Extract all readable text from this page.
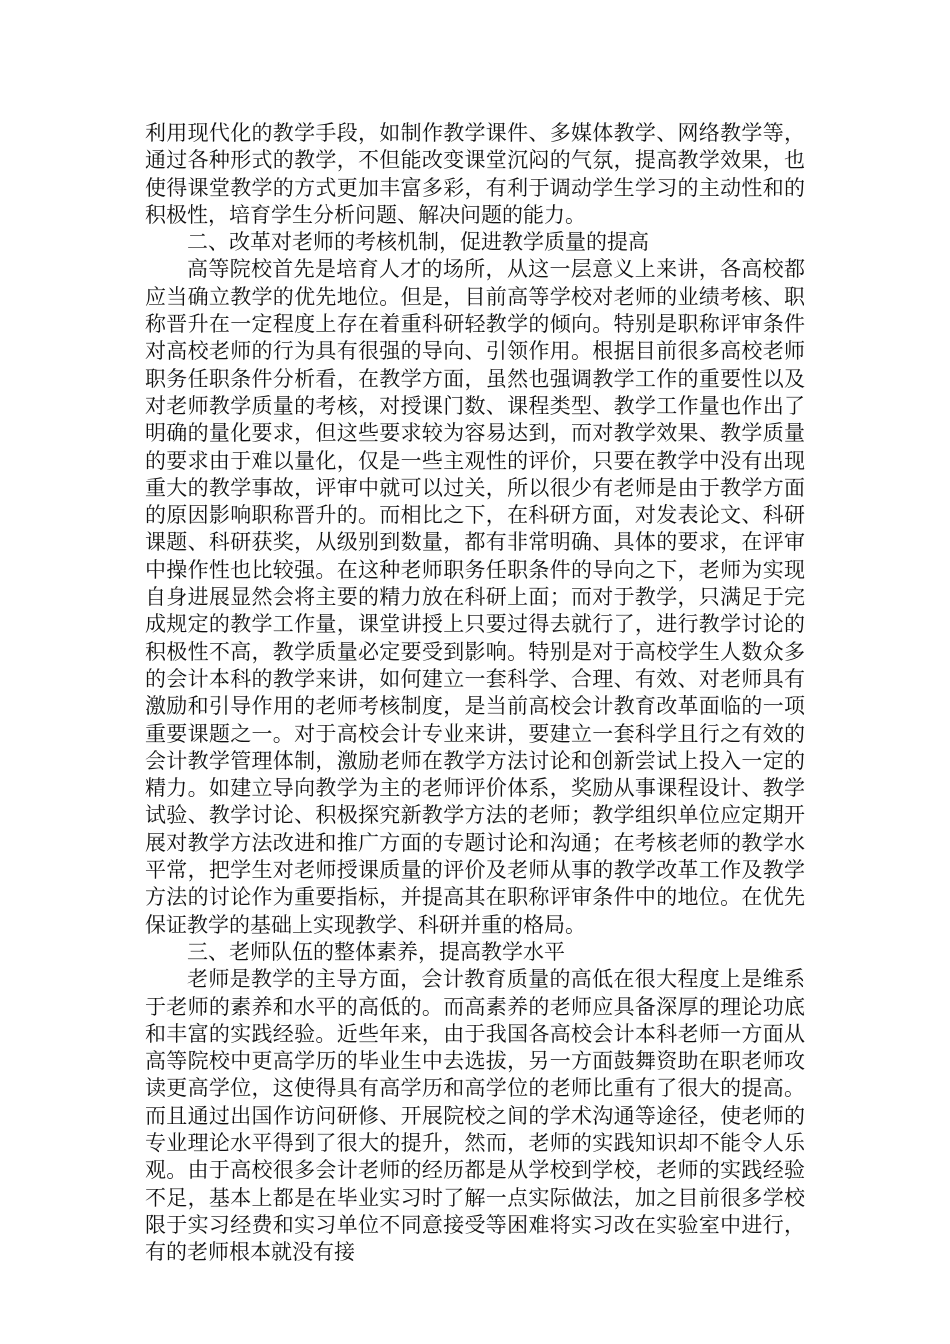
利用现代化的教学手段，如制作教学课件、多媒体教学、网络教学等，通过各种形式的教学，不但能改变课堂沉闷的气氛，提高教学效果，也使得课堂教学的方式更加丰富多彩，有利于调动学生学习的主动性和的积极性，培育学生分析问题、解决问题的能力。

二、改革对老师的考核机制，促进教学质量的提高

高等院校首先是培育人才的场所，从这一层意义上来讲，各高校都应当确立教学的优先地位。但是，目前高等学校对老师的业绩考核、职称晋升在一定程度上存在着重科研轻教学的倾向。特别是职称评审条件对高校老师的行为具有很强的导向、引领作用。根据目前很多高校老师职务任职条件分析看，在教学方面，虽然也强调教学工作的重要性以及对老师教学质量的考核，对授课门数、课程类型、教学工作量也作出了明确的量化要求，但这些要求较为容易达到，而对教学效果、教学质量的要求由于难以量化，仅是一些主观性的评价，只要在教学中没有出现重大的教学事故，评审中就可以过关，所以很少有老师是由于教学方面的原因影响职称晋升的。而相比之下，在科研方面，对发表论文、科研课题、科研获奖，从级别到数量，都有非常明确、具体的要求，在评审中操作性也比较强。在这种老师职务任职条件的导向之下，老师为实现自身进展显然会将主要的精力放在科研上面；而对于教学，只满足于完成规定的教学工作量，课堂讲授上只要过得去就行了，进行教学讨论的积极性不高，教学质量必定要受到影响。特别是对于高校学生人数众多的会计本科的教学来讲，如何建立一套科学、合理、有效、对老师具有激励和引导作用的老师考核制度，是当前高校会计教育改革面临的一项重要课题之一。对于高校会计专业来讲，要建立一套科学且行之有效的会计教学管理体制，激励老师在教学方法讨论和创新尝试上投入一定的精力。如建立导向教学为主的老师评价体系，奖励从事课程设计、教学试验、教学讨论、积极探究新教学方法的老师；教学组织单位应定期开展对教学方法改进和推广方面的专题讨论和沟通；在考核老师的教学水平常，把学生对老师授课质量的评价及老师从事的教学改革工作及教学方法的讨论作为重要指标，并提高其在职称评审条件中的地位。在优先保证教学的基础上实现教学、科研并重的格局。

三、老师队伍的整体素养，提高教学水平

老师是教学的主导方面，会计教育质量的高低在很大程度上是维系于老师的素养和水平的高低的。而高素养的老师应具备深厚的理论功底和丰富的实践经验。近些年来，由于我国各高校会计本科老师一方面从高等院校中更高学历的毕业生中去选拔，另一方面鼓舞资助在职老师攻读更高学位，这使得具有高学历和高学位的老师比重有了很大的提高。而且通过出国作访问研修、开展院校之间的学术沟通等途径，使老师的专业理论水平得到了很大的提升，然而，老师的实践知识却不能令人乐观。由于高校很多会计老师的经历都是从学校到学校，老师的实践经验不足，基本上都是在毕业实习时了解一点实际做法，加之目前很多学校限于实习经费和实习单位不同意接受等困难将实习改在实验室中进行，有的老师根本就没有接
